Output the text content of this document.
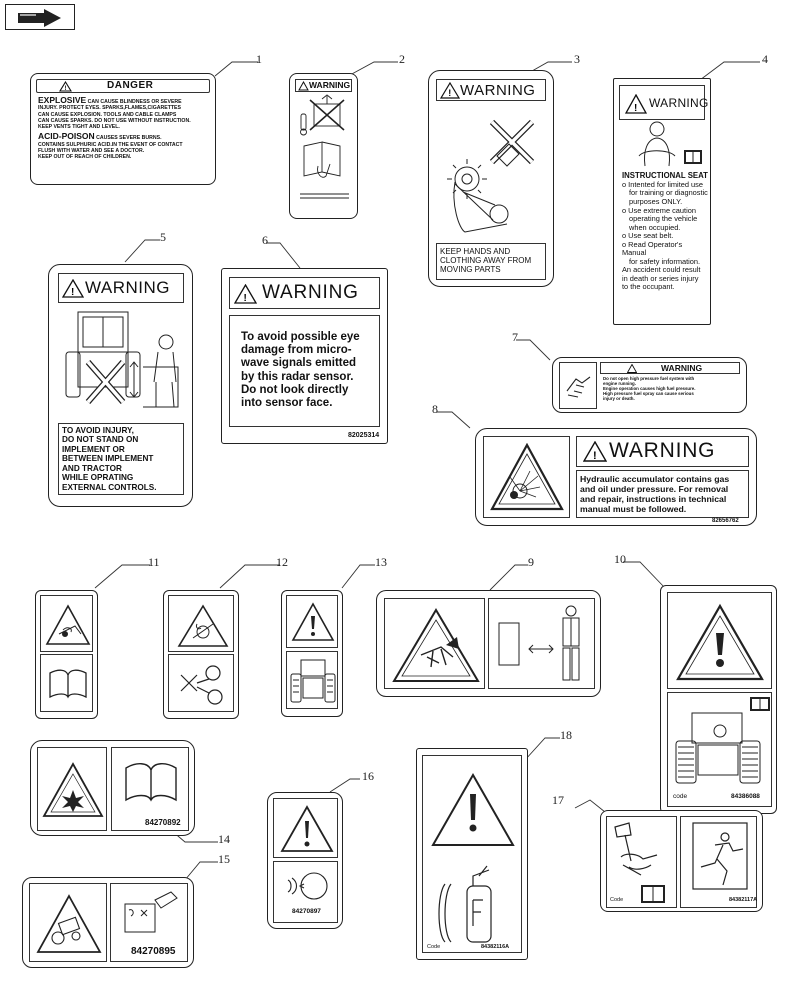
1	2	3	4
5	6
7
8
9	10
11	12	13
14
15
16
17
18
!	DANGER
EXPLOSIVE CAN CAUSE BLINDNESS OR SEVERE
INJURY. PROTECT EYES. SPARKS,FLAMES,CIGARETTES
CAN CAUSE EXPLOSION. TOOLS AND CABLE CLAMPS
CAN CAUSE SPARKS. DO NOT USE WITHOUT INSTRUCTION.
KEEP VENTS TIGHT AND LEVEL.

ACID-POISON CAUSES SEVERE BURNS.
CONTAINS SULPHURIC ACID.IN THE EVENT OF CONTACT
FLUSH WITH WATER AND SEE A DOCTOR.
KEEP OUT OF REACH OF CHILDREN.
WARNING
! WARNING
KEEP HANDS AND
CLOTHING AWAY FROM
MOVING PARTS
! WARNING
INSTRUCTIONAL SEAT
o Intented for limited use
for training or diagnostic
purposes ONLY.
o Use extreme caution
operating the vehicle
when occupied.
o Use seat belt.
o Read Operator's Manual
for safety information.
An accident could result
in death or series injury
to the occupant.
! WARNING
TO AVOID INJURY,
DO NOT STAND ON
IMPLEMENT OR
BETWEEN IMPLEMENT
AND TRACTOR
WHILE OPRATING
EXTERNAL CONTROLS.
! WARNING
To avoid possible eye
damage from micro-
wave signals emitted
by this radar sensor.
Do not look directly
into sensor face.
82025314
WARNING
Do not open high pressure fuel system with
engine running.
Engine operation causes high fuel pressure.
High pressure fuel spray can cause serious
injury or death.
! WARNING
Hydraulic accumulator contains gas
and oil under pressure. For removal
and repair, instructions in technical
manual must be followed.
82656762
code	84386088
84270892
84270895
84270897
Code	84382117A
Code	84382116A
